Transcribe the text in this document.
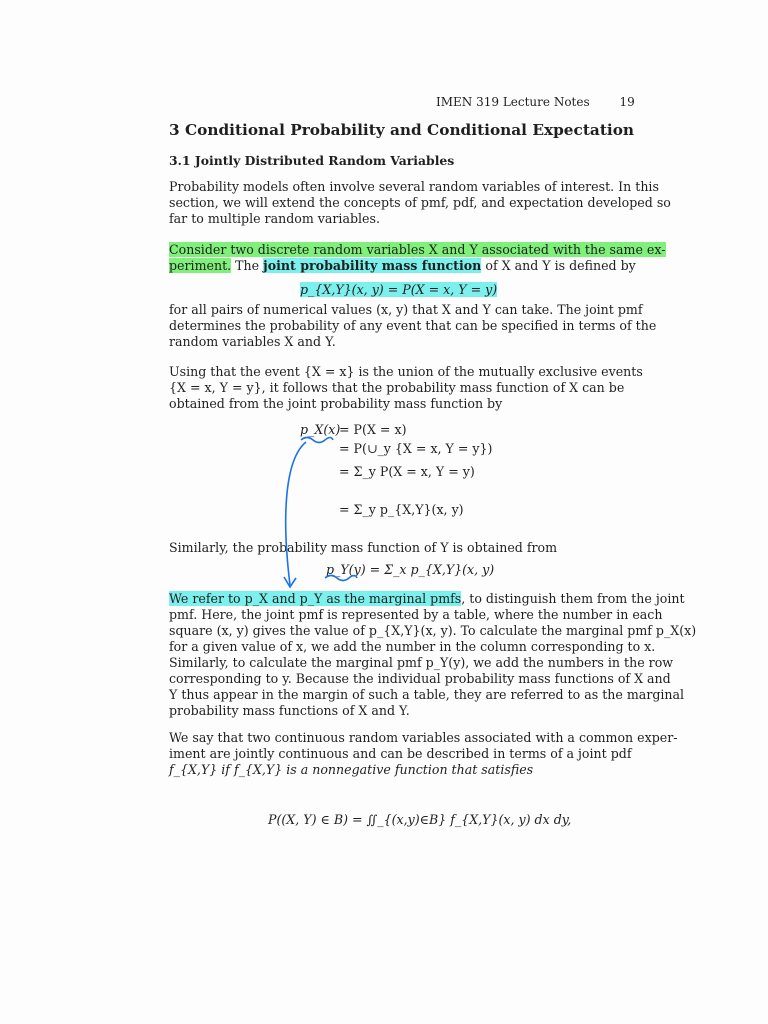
IMEN 319 Lecture Notes 19
3 Conditional Probability and Conditional Expectation
3.1 Jointly Distributed Random Variables
Probability models often involve several random variables of interest. In this
section, we will extend the concepts of pmf, pdf, and expectation developed so
far to multiple random variables.
Consider two discrete random variables X and Y associated with the same ex-
periment. The joint probability mass function of X and Y is defined by
p_{X,Y}(x, y) = P(X = x, Y = y)
for all pairs of numerical values (x, y) that X and Y can take. The joint pmf
determines the probability of any event that can be specified in terms of the
random variables X and Y.
Using that the event {X = x} is the union of the mutually exclusive events
{X = x, Y = y}, it follows that the probability mass function of X can be
obtained from the joint probability mass function by
p_X(x)
= P(X = x)
= P(∪_y {X = x, Y = y})
= Σ_y P(X = x, Y = y)
= Σ_y p_{X,Y}(x, y)
Similarly, the probability mass function of Y is obtained from
p_Y(y) = Σ_x p_{X,Y}(x, y)
We refer to p_X and p_Y as the marginal pmfs, to distinguish them from the joint
pmf. Here, the joint pmf is represented by a table, where the number in each
square (x, y) gives the value of p_{X,Y}(x, y). To calculate the marginal pmf p_X(x)
for a given value of x, we add the number in the column corresponding to x.
Similarly, to calculate the marginal pmf p_Y(y), we add the numbers in the row
corresponding to y. Because the individual probability mass functions of X and
Y thus appear in the margin of such a table, they are referred to as the marginal
probability mass functions of X and Y.
We say that two continuous random variables associated with a common exper-
iment are jointly continuous and can be described in terms of a joint pdf
f_{X,Y} if f_{X,Y} is a nonnegative function that satisfies
P((X, Y) ∈ B) = ∬_{(x,y)∈B} f_{X,Y}(x, y) dx dy,
